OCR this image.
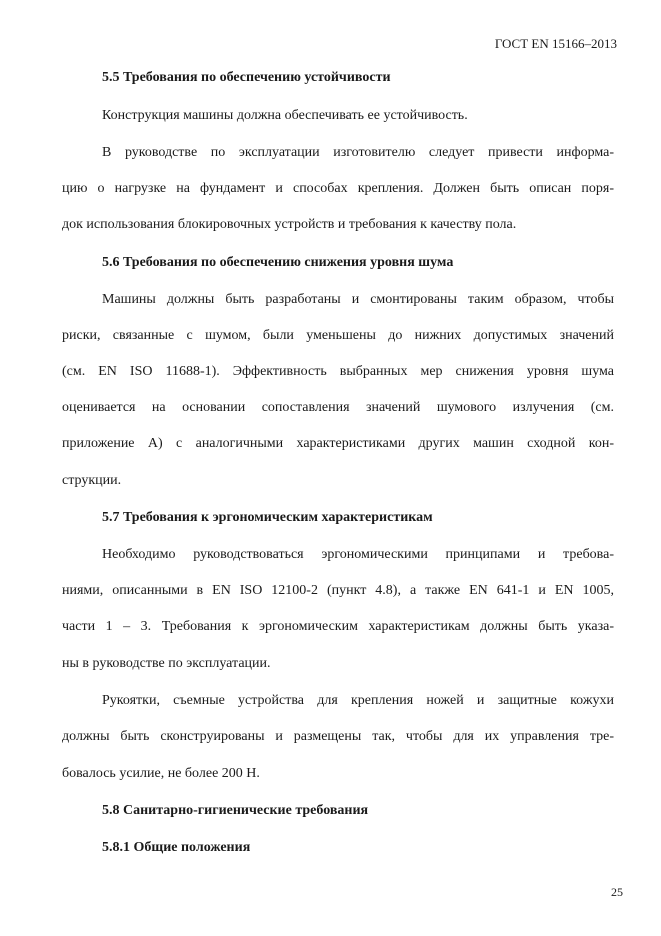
ГОСТ EN 15166–2013
5.5 Требования по обеспечению устойчивости
Конструкция машины должна обеспечивать ее устойчивость.
В руководстве по эксплуатации изготовителю следует привести информа-
цию о нагрузке на фундамент и способах крепления. Должен быть описан поря-
док использования блокировочных устройств и требования к качеству пола.
5.6 Требования по обеспечению снижения уровня шума
Машины должны быть разработаны и смонтированы таким образом, чтобы
риски, связанные с шумом, были уменьшены до нижних допустимых значений
(см. EN ISO 11688-1). Эффективность выбранных мер снижения уровня шума
оценивается на основании сопоставления значений шумового излучения (см.
приложение А) с аналогичными характеристиками других машин сходной кон-
струкции.
5.7 Требования к эргономическим характеристикам
Необходимо руководствоваться эргономическими принципами и требова-
ниями, описанными в EN ISO 12100-2 (пункт 4.8), а также EN 641-1 и EN 1005,
части 1 – 3. Требования к эргономическим характеристикам должны быть указа-
ны в руководстве по эксплуатации.
Рукоятки, съемные устройства для крепления ножей и защитные кожухи
должны быть сконструированы и размещены так, чтобы для их управления тре-
бовалось усилие, не более 200 Н.
5.8 Санитарно-гигиенические требования
5.8.1 Общие положения
25
